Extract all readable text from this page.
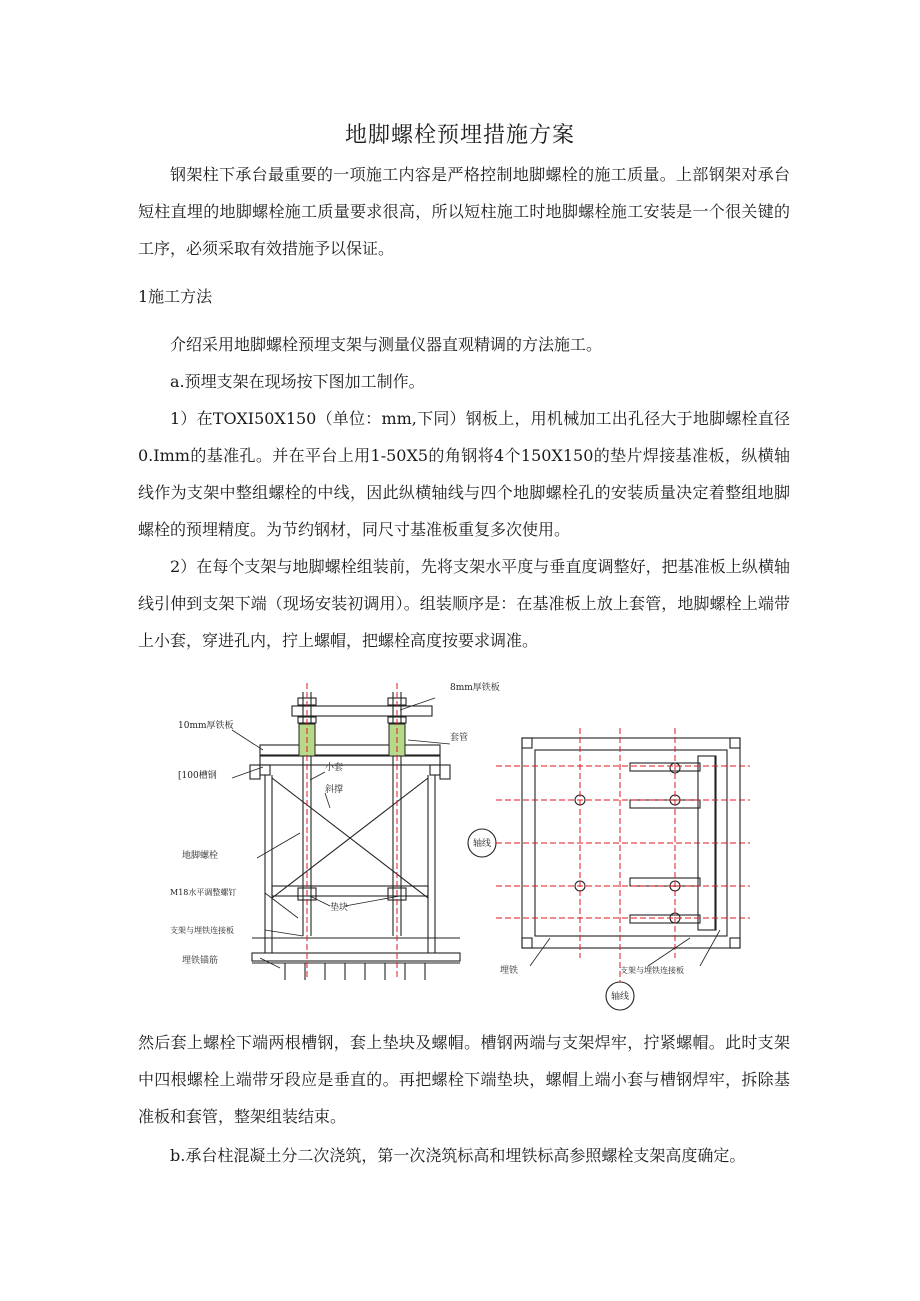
地脚螺栓预埋措施方案
钢架柱下承台最重要的一项施工内容是严格控制地脚螺栓的施工质量。上部钢架对承台短柱直埋的地脚螺栓施工质量要求很高，所以短柱施工时地脚螺栓施工安装是一个很关键的工序，必须采取有效措施予以保证。
1施工方法
介绍采用地脚螺栓预埋支架与测量仪器直观精调的方法施工。
a.预埋支架在现场按下图加工制作。
1）在TOXI50X150（单位：mm,下同）钢板上，用机械加工出孔径大于地脚螺栓直径0.Imm的基准孔。并在平台上用1-50X5的角钢将4个150X150的垫片焊接基准板，纵横轴线作为支架中整组螺栓的中线，因此纵横轴线与四个地脚螺栓孔的安装质量决定着整组地脚螺栓的预埋精度。为节约钢材，同尺寸基准板重复多次使用。
2）在每个支架与地脚螺栓组装前，先将支架水平度与垂直度调整好，把基准板上纵横轴线引伸到支架下端（现场安装初调用）。组装顺序是：在基准板上放上套管，地脚螺栓上端带上小套，穿进孔内，拧上螺帽，把螺栓高度按要求调准。
8mm厚铁板
10mm厚铁板
套管
[100槽钢
小套
斜撑
地脚螺栓
M18水平调整螺钉
垫块
支架与埋铁连接板
埋铁锚筋
轴线
轴线
埋铁	支架与埋铁连接板
然后套上螺栓下端两根槽钢，套上垫块及螺帽。槽钢两端与支架焊牢，拧紧螺帽。此时支架中四根螺栓上端带牙段应是垂直的。再把螺栓下端垫块，螺帽上端小套与槽钢焊牢，拆除基准板和套管，整架组装结束。
b.承台柱混凝土分二次浇筑，第一次浇筑标高和埋铁标高参照螺栓支架高度确定。
